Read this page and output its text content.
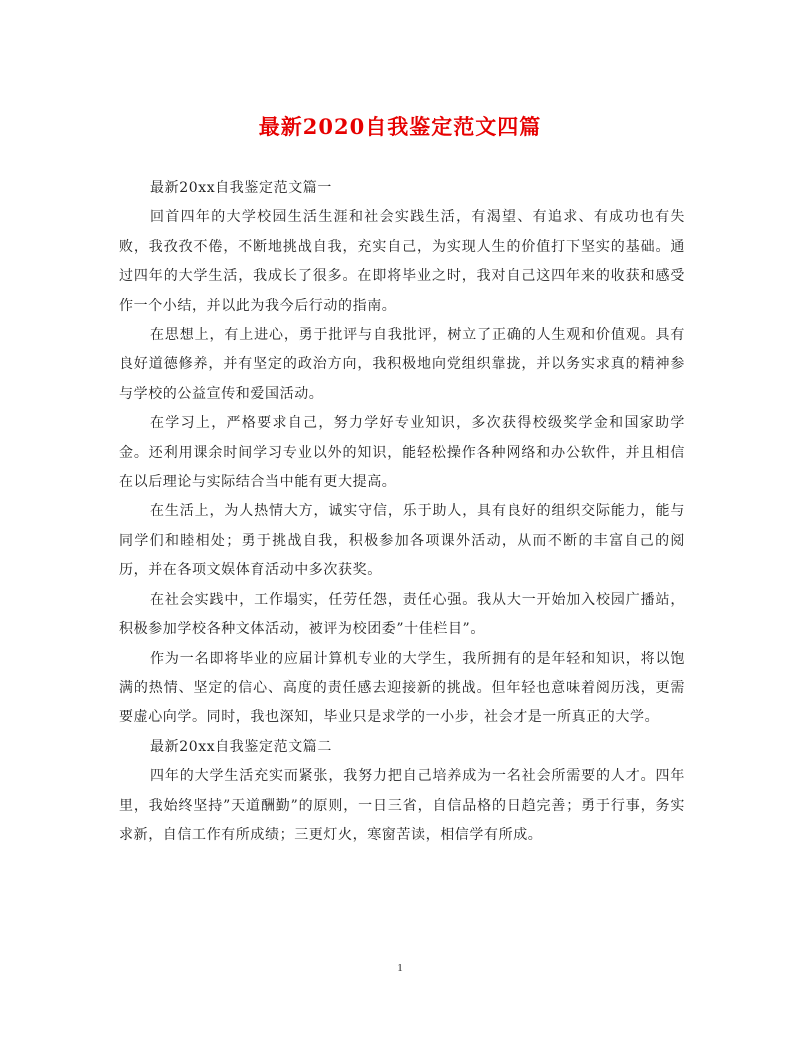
最新2020自我鉴定范文四篇

最新20xx自我鉴定范文篇一

回首四年的大学校园生活生涯和社会实践生活，有渴望、有追求、有成功也有失败，我孜孜不倦，不断地挑战自我，充实自己，为实现人生的价值打下坚实的基础。通过四年的大学生活，我成长了很多。在即将毕业之时，我对自己这四年来的收获和感受作一个小结，并以此为我今后行动的指南。

在思想上，有上进心，勇于批评与自我批评，树立了正确的人生观和价值观。具有良好道德修养，并有坚定的政治方向，我积极地向党组织靠拢，并以务实求真的精神参与学校的公益宣传和爱国活动。

在学习上，严格要求自己，努力学好专业知识，多次获得校级奖学金和国家助学金。还利用课余时间学习专业以外的知识，能轻松操作各种网络和办公软件，并且相信在以后理论与实际结合当中能有更大提高。

在生活上，为人热情大方，诚实守信，乐于助人，具有良好的组织交际能力，能与同学们和睦相处；勇于挑战自我，积极参加各项课外活动，从而不断的丰富自己的阅历，并在各项文娱体育活动中多次获奖。

在社会实践中，工作塌实，任劳任怨，责任心强。我从大一开始加入校园广播站，积极参加学校各种文体活动，被评为校团委”十佳栏目”。

作为一名即将毕业的应届计算机专业的大学生，我所拥有的是年轻和知识，将以饱满的热情、坚定的信心、高度的责任感去迎接新的挑战。但年轻也意味着阅历浅，更需要虚心向学。同时，我也深知，毕业只是求学的一小步，社会才是一所真正的大学。

最新20xx自我鉴定范文篇二

四年的大学生活充实而紧张，我努力把自己培养成为一名社会所需要的人才。四年里，我始终坚持”天道酬勤”的原则，一日三省，自信品格的日趋完善；勇于行事，务实求新，自信工作有所成绩；三更灯火，寒窗苦读，相信学有所成。

1
